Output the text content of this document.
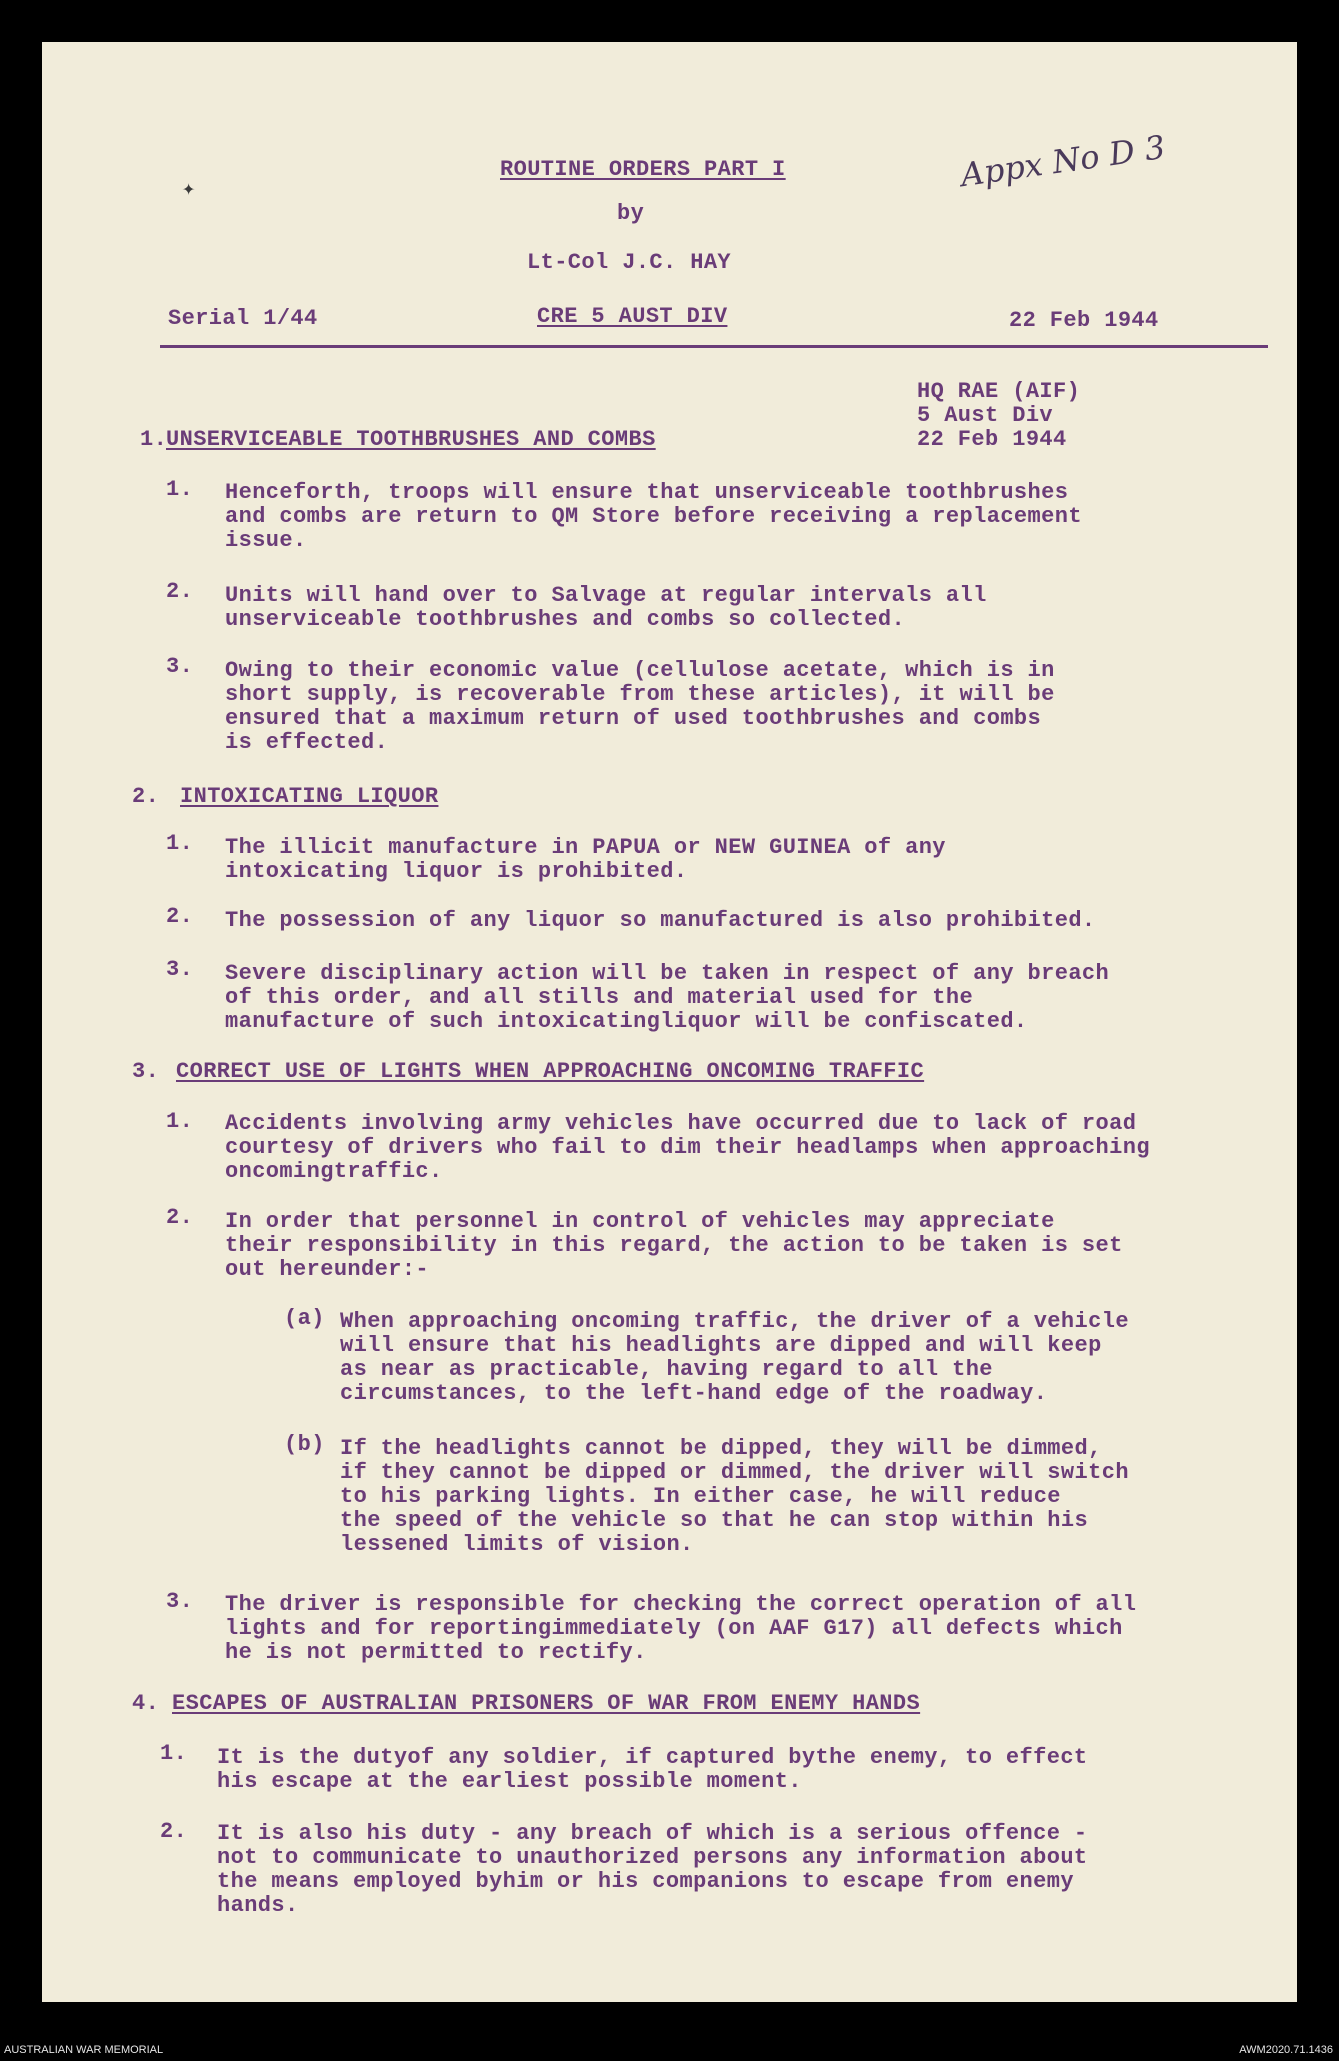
✦	Appx No D 3
ROUTINE ORDERS PART I
by
Lt-Col J.C. HAY
Serial 1/44	CRE 5 AUST DIV	22 Feb 1944
HQ RAE (AIF)
5 Aust Div
22 Feb 1944
1.
UNSERVICEABLE TOOTHBRUSHES AND COMBS
1. Henceforth, troops will ensure that unserviceable toothbrushes
and combs are return to QM Store before receiving a replacement
issue.
2. Units will hand over to Salvage at regular intervals all
unserviceable toothbrushes and combs so collected.
3. Owing to their economic value (cellulose acetate, which is in
short supply, is recoverable from these articles), it will be
ensured that a maximum return of used toothbrushes and combs
is effected.
2. INTOXICATING LIQUOR
1. The illicit manufacture in PAPUA or NEW GUINEA of any
intoxicating liquor is prohibited.
2. The possession of any liquor so manufactured is also prohibited.
3. Severe disciplinary action will be taken in respect of any breach
of this order, and all stills and material used for the
manufacture of such intoxicatingliquor will be confiscated.
3. CORRECT USE OF LIGHTS WHEN APPROACHING ONCOMING TRAFFIC
1. Accidents involving army vehicles have occurred due to lack of road
courtesy of drivers who fail to dim their headlamps when approaching
oncomingtraffic.
2. In order that personnel in control of vehicles may appreciate
their responsibility in this regard, the action to be taken is set
out hereunder:-
(a) When approaching oncoming traffic, the driver of a vehicle
will ensure that his headlights are dipped and will keep
as near as practicable, having regard to all the
circumstances, to the left-hand edge of the roadway.
(b) If the headlights cannot be dipped, they will be dimmed,
if they cannot be dipped or dimmed, the driver will switch
to his parking lights. In either case, he will reduce
the speed of the vehicle so that he can stop within his
lessened limits of vision.
3. The driver is responsible for checking the correct operation of all
lights and for reportingimmediately (on AAF G17) all defects which
he is not permitted to rectify.
4. ESCAPES OF AUSTRALIAN PRISONERS OF WAR FROM ENEMY HANDS
1. It is the dutyof any soldier, if captured bythe enemy, to effect
his escape at the earliest possible moment.
2. It is also his duty - any breach of which is a serious offence -
not to communicate to unauthorized persons any information about
the means employed byhim or his companions to escape from enemy
hands.
AUSTRALIAN WAR MEMORIAL	AWM2020.71.1436
